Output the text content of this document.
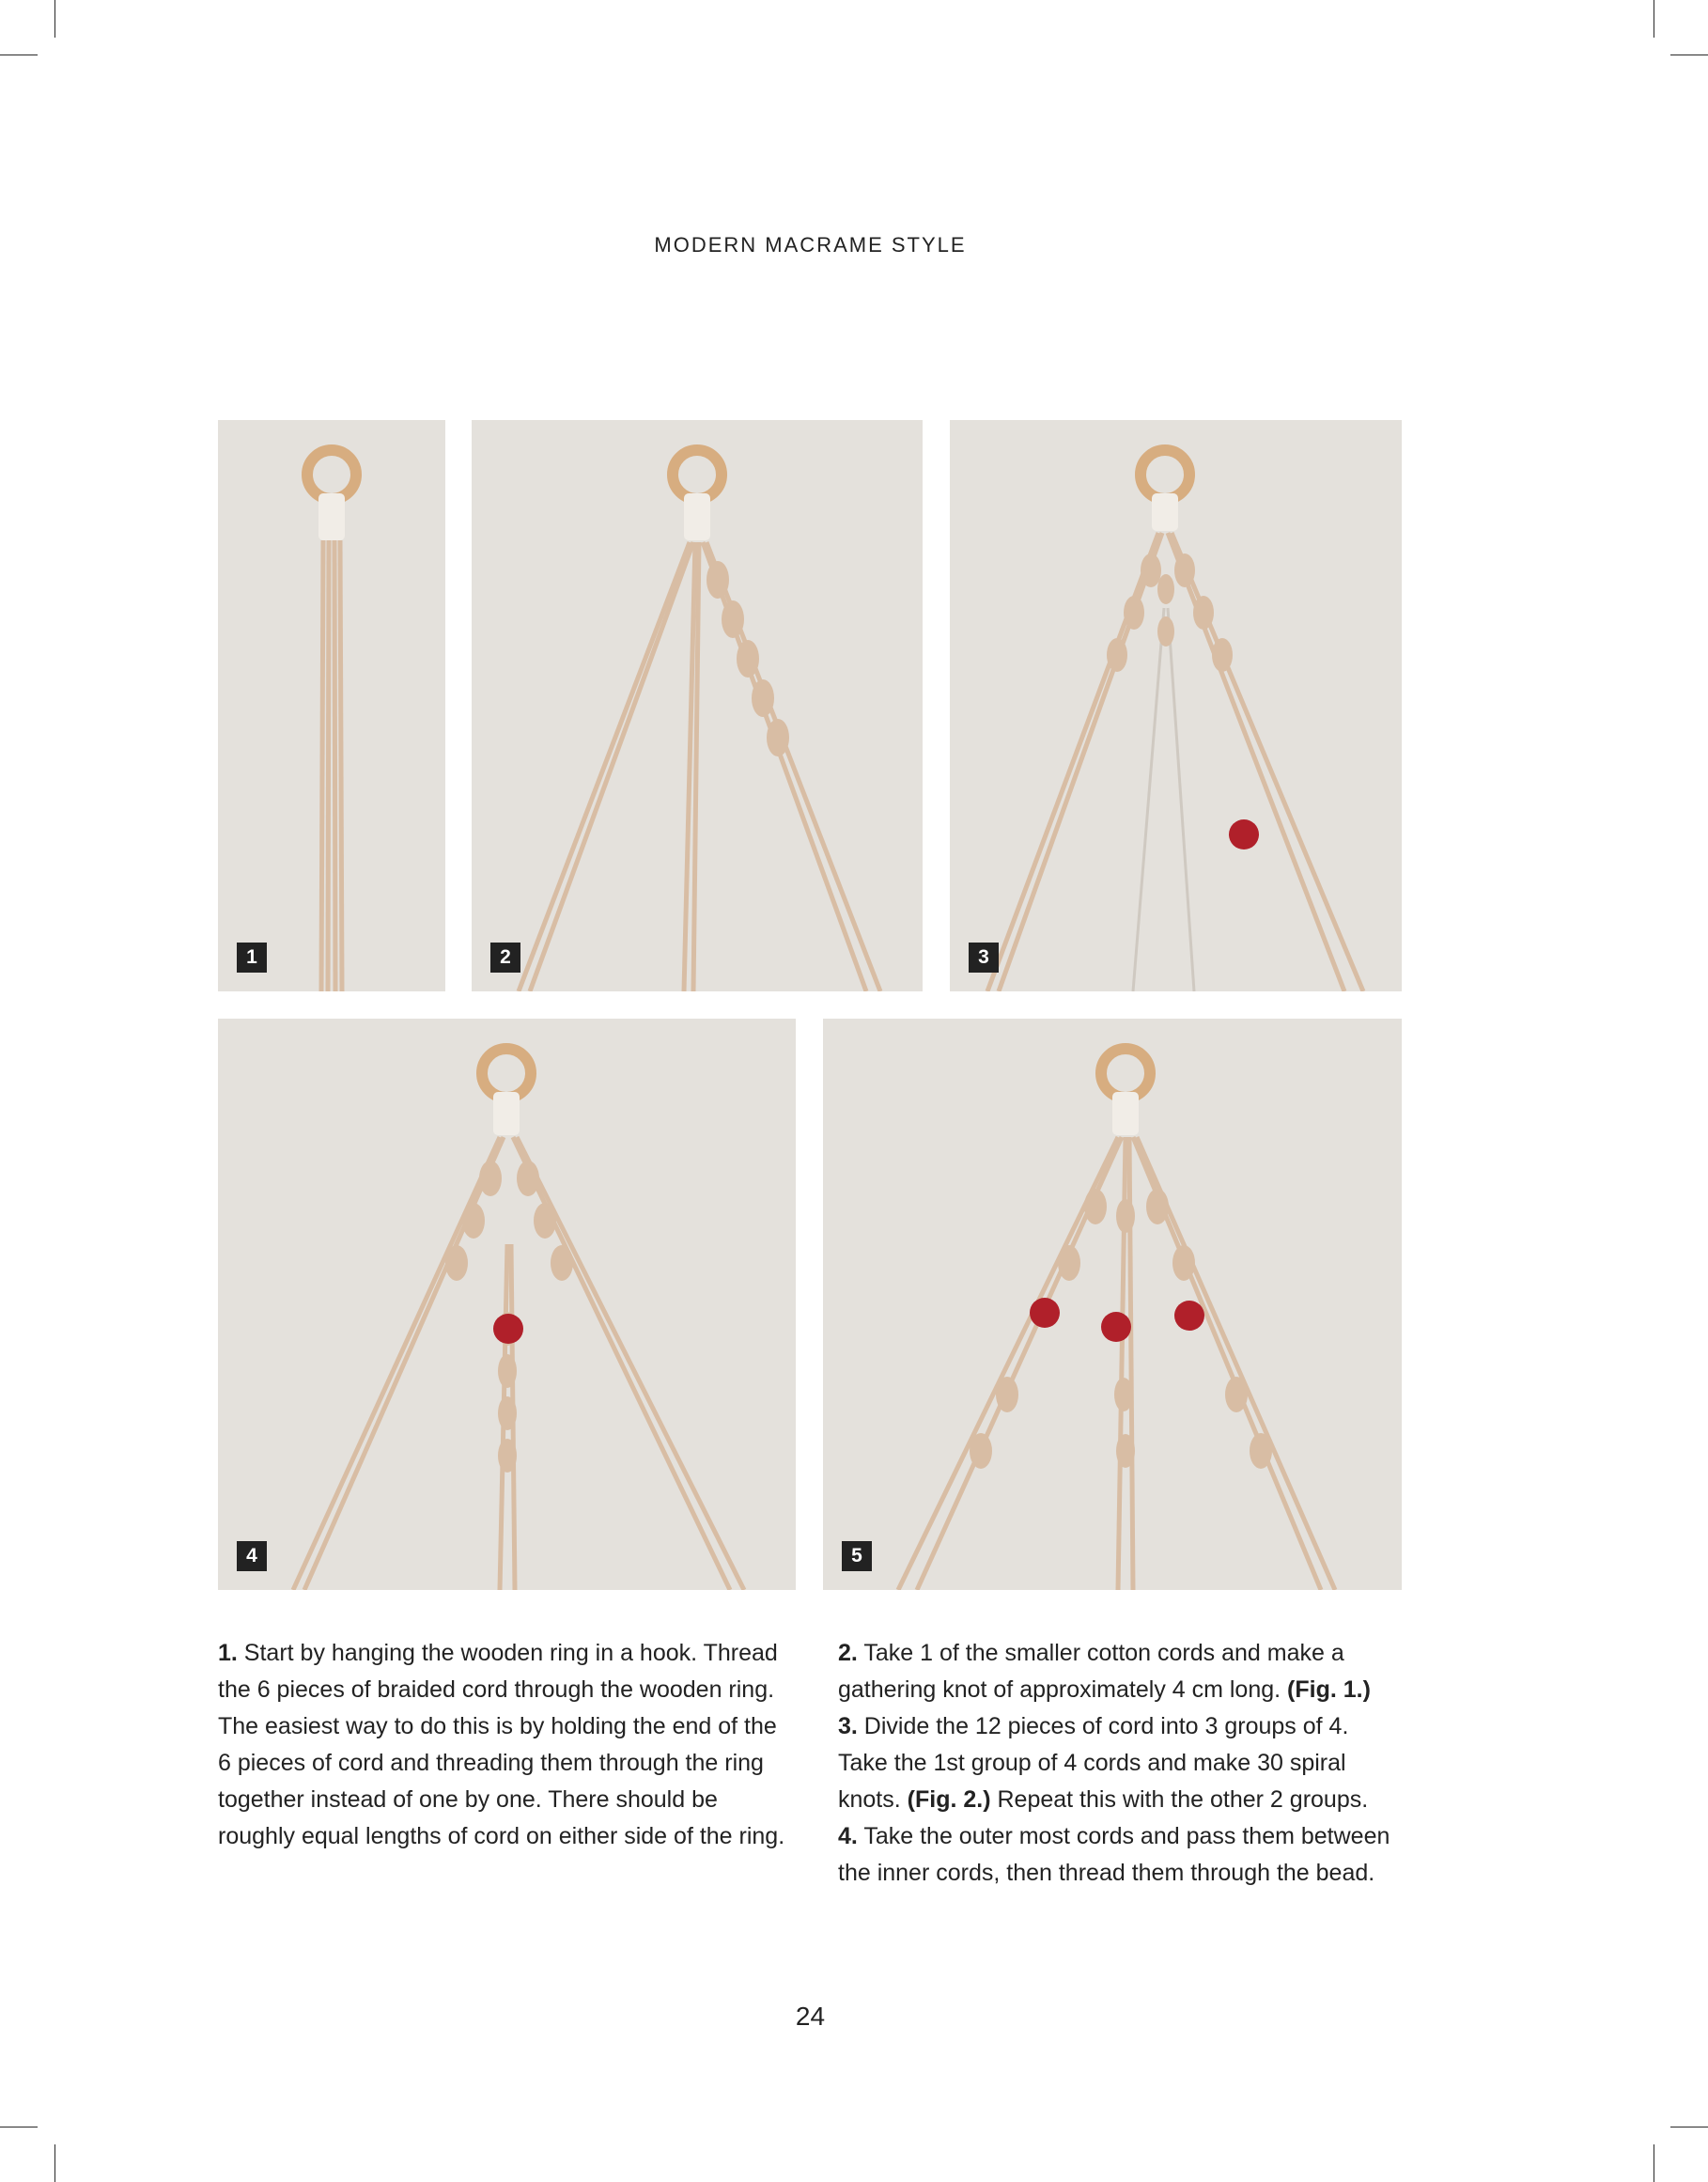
MODERN MACRAME STYLE
1	2	3
4	5

1. Start by hanging the wooden ring in a hook. Thread the 6 pieces of braided cord through the wooden ring. The easiest way to do this is by holding the end of the 6 pieces of cord and threading them through the ring together instead of one by one. There should be roughly equal lengths of cord on either side of the ring.

2. Take 1 of the smaller cotton cords and make a gathering knot of approximately 4 cm long. (Fig. 1.)

3. Divide the 12 pieces of cord into 3 groups of 4. Take the 1st group of 4 cords and make 30 spiral knots. (Fig. 2.) Repeat this with the other 2 groups.

4. Take the outer most cords and pass them between the inner cords, then thread them through the bead.

24
